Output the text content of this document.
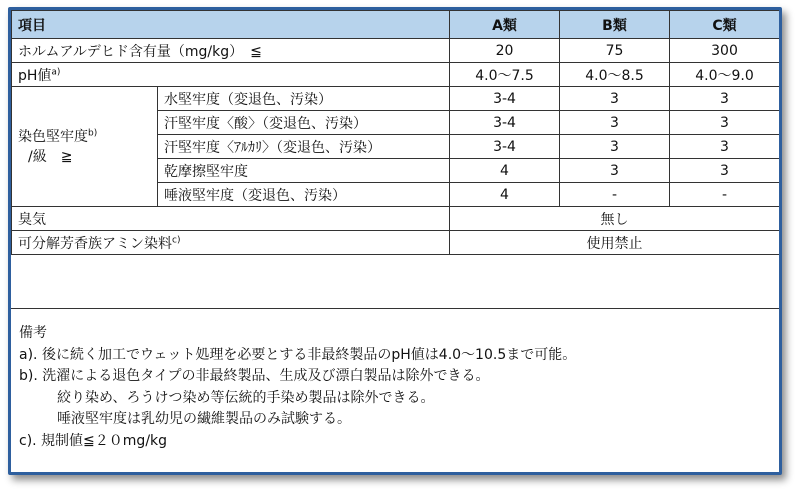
項目		A類	B類	C類
ホルムアルデヒド含有量（mg/kg）　≦		20	75	300
pH値$^{a)}$		4.0～7.5	4.0～8.5	4.0～9.0
染色堅牢度$^{b)}$
/級　≧	水堅牢度（変退色、汚染）	3-4	3	3
	汗堅牢度〈酸〉（変退色、汚染）	3-4	3	3
	汗堅牢度〈ｱﾙｶﾘ〉（変退色、汚染）	3-4	3	3
	乾摩擦堅牢度	4	3	3
	唾液堅牢度（変退色、汚染）	4	-	-
臭気		無し		
可分解芳香族アミン染料$^{c)}$		使用禁止		
備考
a). 後に続く加工でウェット処理を必要とする非最終製品のpH値は4.0～10.5まで可能。
b). 洗濯による退色タイプの非最終製品、生成及び漂白製品は除外できる。
絞り染め、ろうけつ染め等伝統的手染め製品は除外できる。
唾液堅牢度は乳幼児の繊維製品のみ試験する。
c). 規制値≦２０mg/kg
